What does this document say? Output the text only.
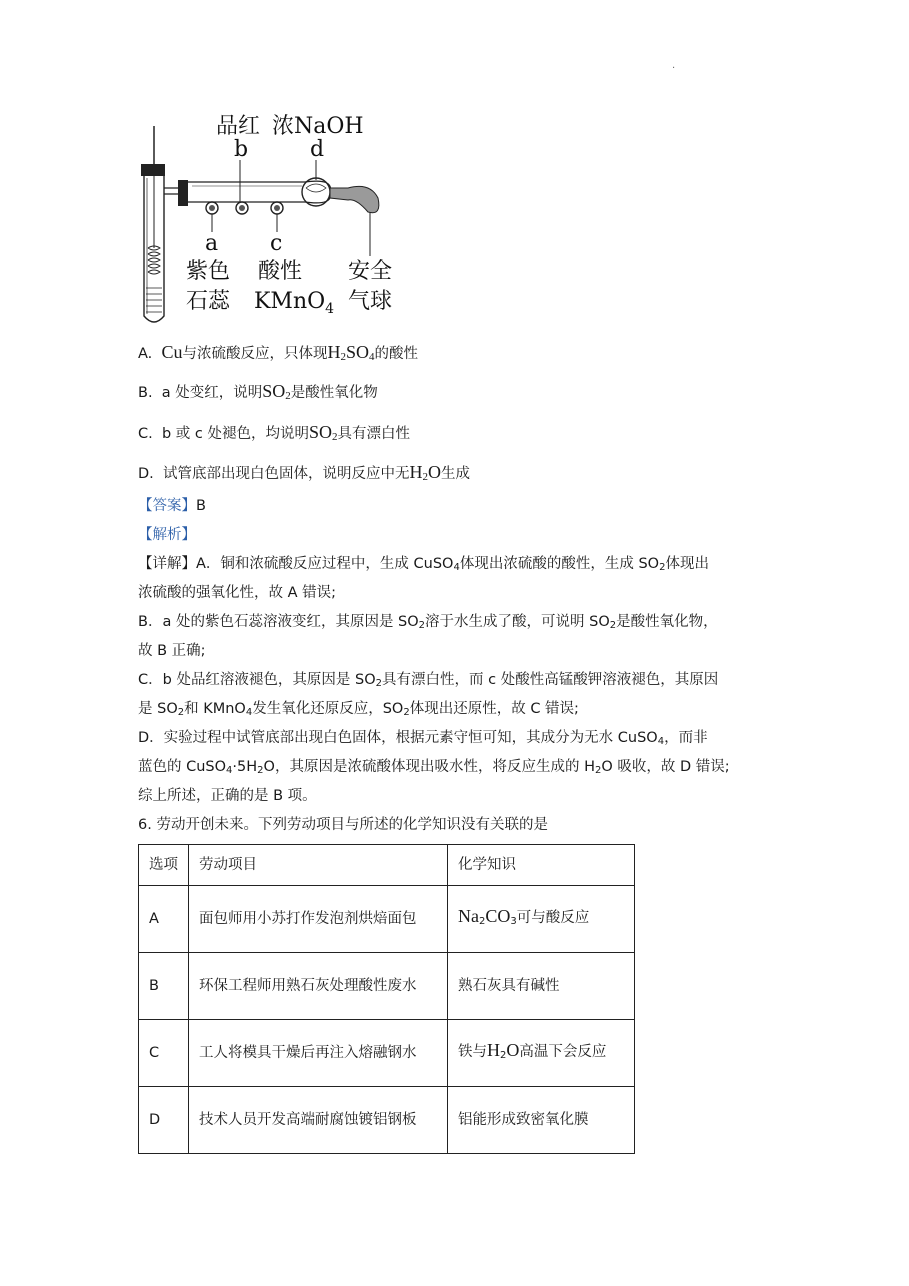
.
品红 浓NaOH
b	d
a c
紫色
石蕊
酸性
KMnO$_4$
安全
气球
A. Cu与浓硫酸反应，只体现$H_2SO_4$的酸性
B. a 处变红，说明$SO_2$是酸性氧化物
C. b 或 c 处褪色，均说明$SO_2$具有漂白性
D. 试管底部出现白色固体，说明反应中无$H_2O$生成
【答案】B
【解析】
【详解】A．铜和浓硫酸反应过程中，生成 CuSO$_4$体现出浓硫酸的酸性，生成 $SO_2$体现出
浓硫酸的强氧化性，故 A 错误;
B．a 处的紫色石蕊溶液变红，其原因是 $SO_2$溶于水生成了酸，可说明 $SO_2$是酸性氧化物，
故 B 正确;
C．b 处品红溶液褪色，其原因是 $SO_2$具有漂白性，而 c 处酸性高锰酸钾溶液褪色，其原因
是 $SO_2$和 KMnO$_4$发生氧化还原反应，$SO_2$体现出还原性，故 C 错误;
D．实验过程中试管底部出现白色固体，根据元素守恒可知，其成分为无水 CuSO$_4$，而非
蓝色的 $CuSO_4\cdot 5H_2O$，其原因是浓硫酸体现出吸水性，将反应生成的 $H_2O$ 吸收，故 D 错误;
综上所述，正确的是 B 项。
6. 劳动开创未来。下列劳动项目与所述的化学知识没有关联的是
选项	劳动项目	化学知识
A	面包师用小苏打作发泡剂烘焙面包	$Na_2CO_3$可与酸反应
B	环保工程师用熟石灰处理酸性废水	熟石灰具有碱性
C	工人将模具干燥后再注入熔融钢水	铁与$H_2O$高温下会反应
D	技术人员开发高端耐腐蚀镀铝钢板	铝能形成致密氧化膜
